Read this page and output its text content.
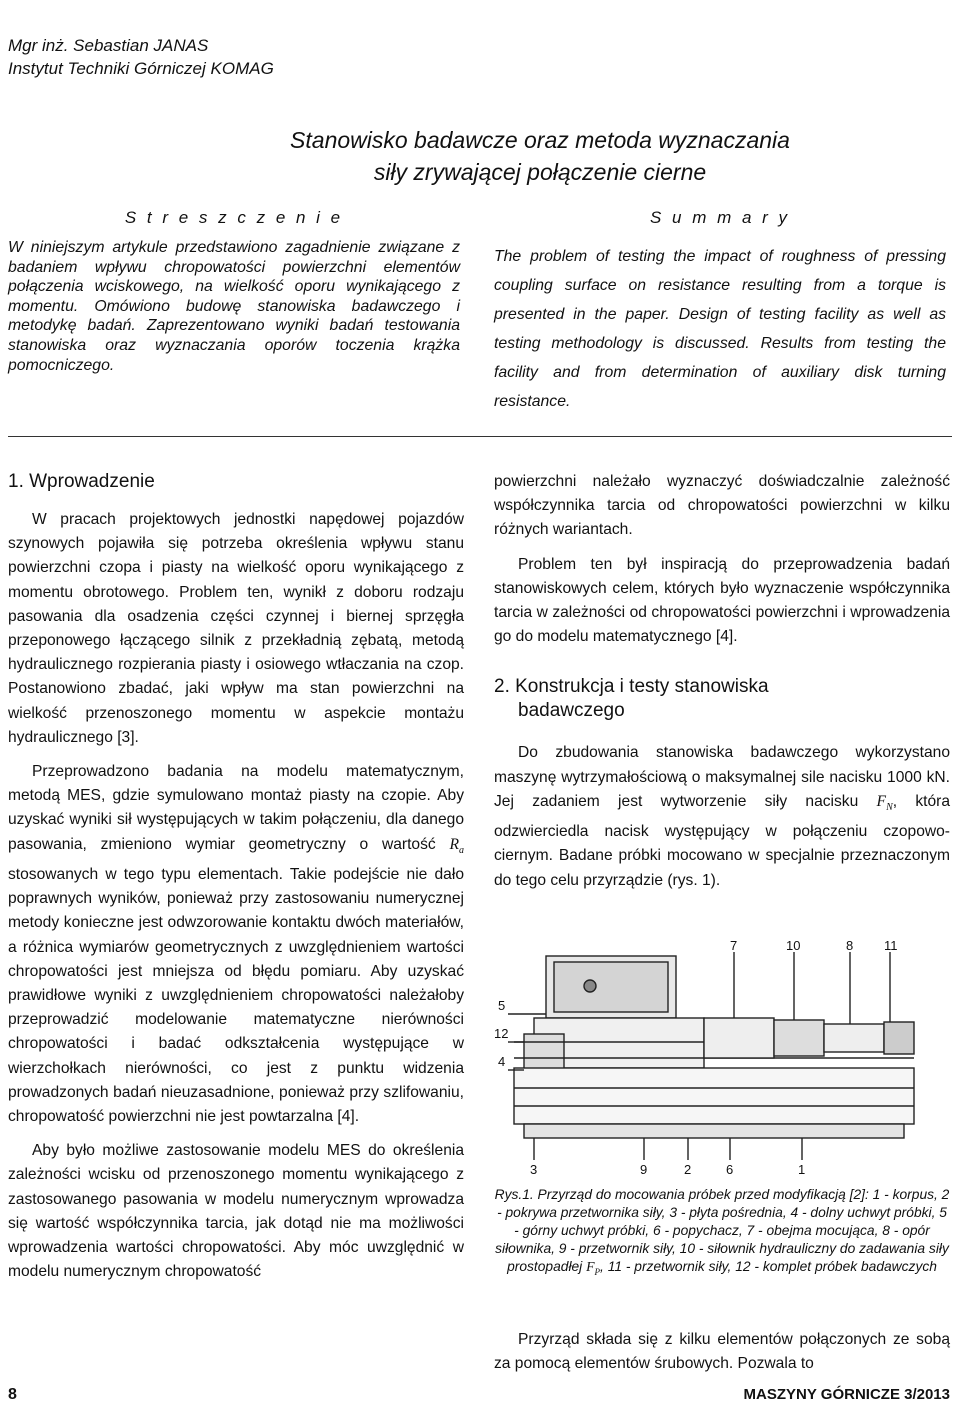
Mgr inż. Sebastian JANAS
Instytut Techniki Górniczej KOMAG
Stanowisko badawcze oraz metoda wyznaczania
siły zrywającej połączenie cierne
S t r e s z c z e n i e
W niniejszym artykule przedstawiono zagadnienie związane z badaniem wpływu chropowatości powierzchni elementów połączenia wciskowego, na wielkość oporu wynikającego z momentu. Omówiono budowę stanowiska badawczego i metodykę badań. Zaprezentowano wyniki badań testowania stanowiska oraz wyznaczania oporów toczenia krążka pomocniczego.
S u m m a r y
The problem of testing the impact of roughness of pressing coupling surface on resistance resulting from a torque is presented in the paper. Design of testing facility as well as testing methodology is discussed. Results from testing the facility and from determination of auxiliary disk turning resistance.
1. Wprowadzenie

W pracach projektowych jednostki napędowej pojazdów szynowych pojawiła się potrzeba określenia wpływu stanu powierzchni czopa i piasty na wielkość oporu wynikającego z momentu obrotowego. Problem ten, wynikł z doboru rodzaju pasowania dla osadzenia części czynnej i biernej sprzęgła przeponowego łączącego silnik z przekładnią zębatą, metodą hydraulicznego rozpierania piasty i osiowego wtłaczania na czop. Postanowiono zbadać, jaki wpływ ma stan powierzchni na wielkość przenoszonego momentu w aspekcie montażu hydraulicznego [3].

Przeprowadzono badania na modelu matematycznym, metodą MES, gdzie symulowano montaż piasty na czopie. Aby uzyskać wyniki sił występujących w takim połączeniu, dla danego pasowania, zmieniono wymiar geometryczny o wartość $R_a$ stosowanych w tego typu elementach. Takie podejście nie dało poprawnych wyników, ponieważ przy zastosowaniu numerycznej metody konieczne jest odwzorowanie kontaktu dwóch materiałów, a różnica wymiarów geometrycznych z uwzględnieniem wartości chropowatości jest mniejsza od błędu pomiaru. Aby uzyskać prawidłowe wyniki z uwzględnieniem chropowatości należałoby przeprowadzić modelowanie matematyczne nierówności chropowatości i badać odkształcenia występujące w wierzchołkach nierówności, co jest z punktu widzenia prowadzonych badań nieuzasadnione, ponieważ przy szlifowaniu, chropowatość powierzchni nie jest powtarzalna [4].

Aby było możliwe zastosowanie modelu MES do określenia zależności wcisku od przenoszonego momentu wynikającego z zastosowanego pasowania w modelu numerycznym wprowadza się wartość współczynnika tarcia, jak dotąd nie ma możliwości wprowadzenia wartości chropowatości. Aby móc uwzględnić w modelu numerycznym chropowatość

powierzchni należało wyznaczyć doświadczalnie zależność współczynnika tarcia od chropowatości powierzchni w kilku różnych wariantach.

Problem ten był inspiracją do przeprowadzenia badań stanowiskowych celem, których było wyznaczenie współczynnika tarcia w zależności od chropowatości powierzchni i wprowadzenia go do modelu matematycznego [4].

2. Konstrukcja i testy stanowiska
badawczego

Do zbudowania stanowiska badawczego wykorzystano maszynę wytrzymałościową o maksymalnej sile nacisku 1000 kN. Jej zadaniem jest wytworzenie siły nacisku $F_N$, która odzwierciedla nacisk występujący w połączeniu czopowo-ciernym. Badane próbki mocowano w specjalnie przeznaczonym do tego celu przyrządzie (rys. 1).

7	10	8 11
5
12
4
3	9	2	6	1
Rys.1. Przyrząd do mocowania próbek przed modyfikacją [2]: 1 - korpus, 2 - pokrywa przetwornika siły, 3 - płyta pośrednia, 4 - dolny uchwyt próbki, 5 - górny uchwyt próbki, 6 - popychacz, 7 - obejma mocująca, 8 - opór siłownika, 9 - przetwornik siły, 10 - siłownik hydrauliczny do zadawania siły prostopadłej $F_P$, 11 - przetwornik siły, 12 - komplet próbek badawczych

Przyrząd składa się z kilku elementów połączonych ze sobą za pomocą elementów śrubowych. Pozwala to

8	MASZYNY GÓRNICZE 3/2013
